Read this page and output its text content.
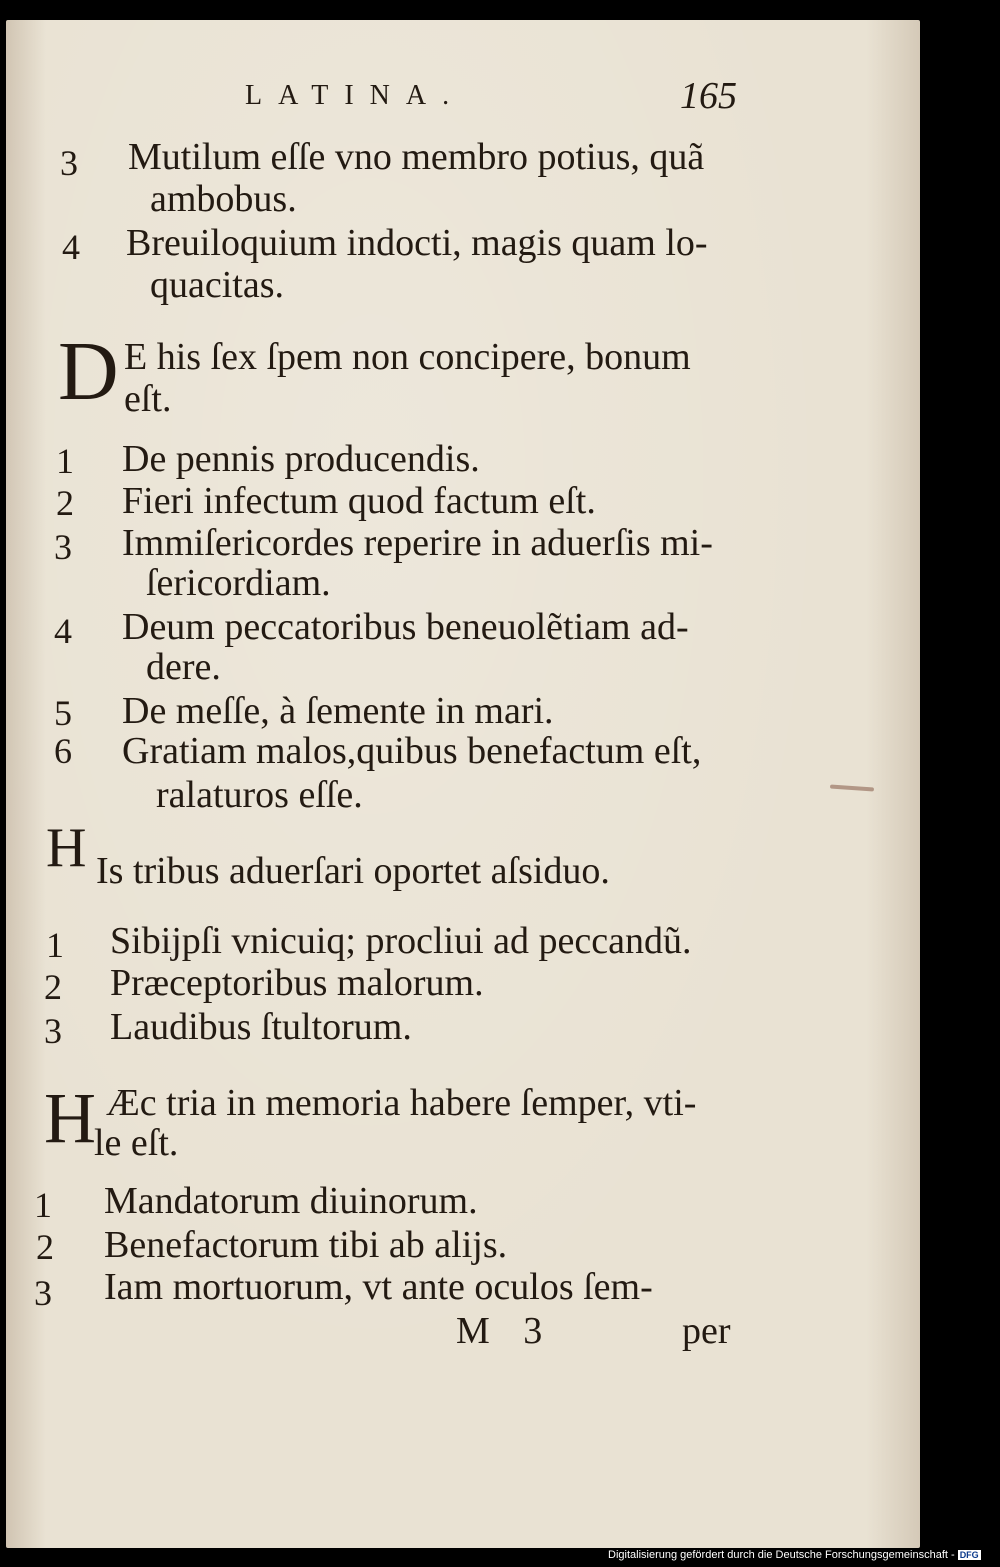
LATINA.	165
3 Mutilum eſſe vno membro potius, quã
ambobus.
4 Breuiloquium indocti, magis quam lo-
quacitas.
D E his ſex ſpem non concipere, bonum
eſt.
1 De pennis producendis.
2 Fieri infectum quod factum eſt.
3 Immiſericordes reperire in aduerſis mi-
ſericordiam.
4 Deum peccatoribus beneuolẽtiam ad-
dere.
5 De meſſe, à ſemente in mari.
6 Gratiam malos,quibus benefactum eſt,
ralaturos eſſe.
H Is tribus aduerſari oportet aſsiduo.
1 Sibijpſi vnicuiq; procliui ad peccandũ.
2 Præceptoribus malorum.
3 Laudibus ſtultorum.
H Æc tria in memoria habere ſemper, vti-
le eſt.
1 Mandatorum diuinorum.
2 Benefactorum tibi ab alijs.
3 Iam mortuorum, vt ante oculos ſem-
M 3	per
Digitalisierung gefördert durch die Deutsche Forschungsgemeinschaft - DFG
